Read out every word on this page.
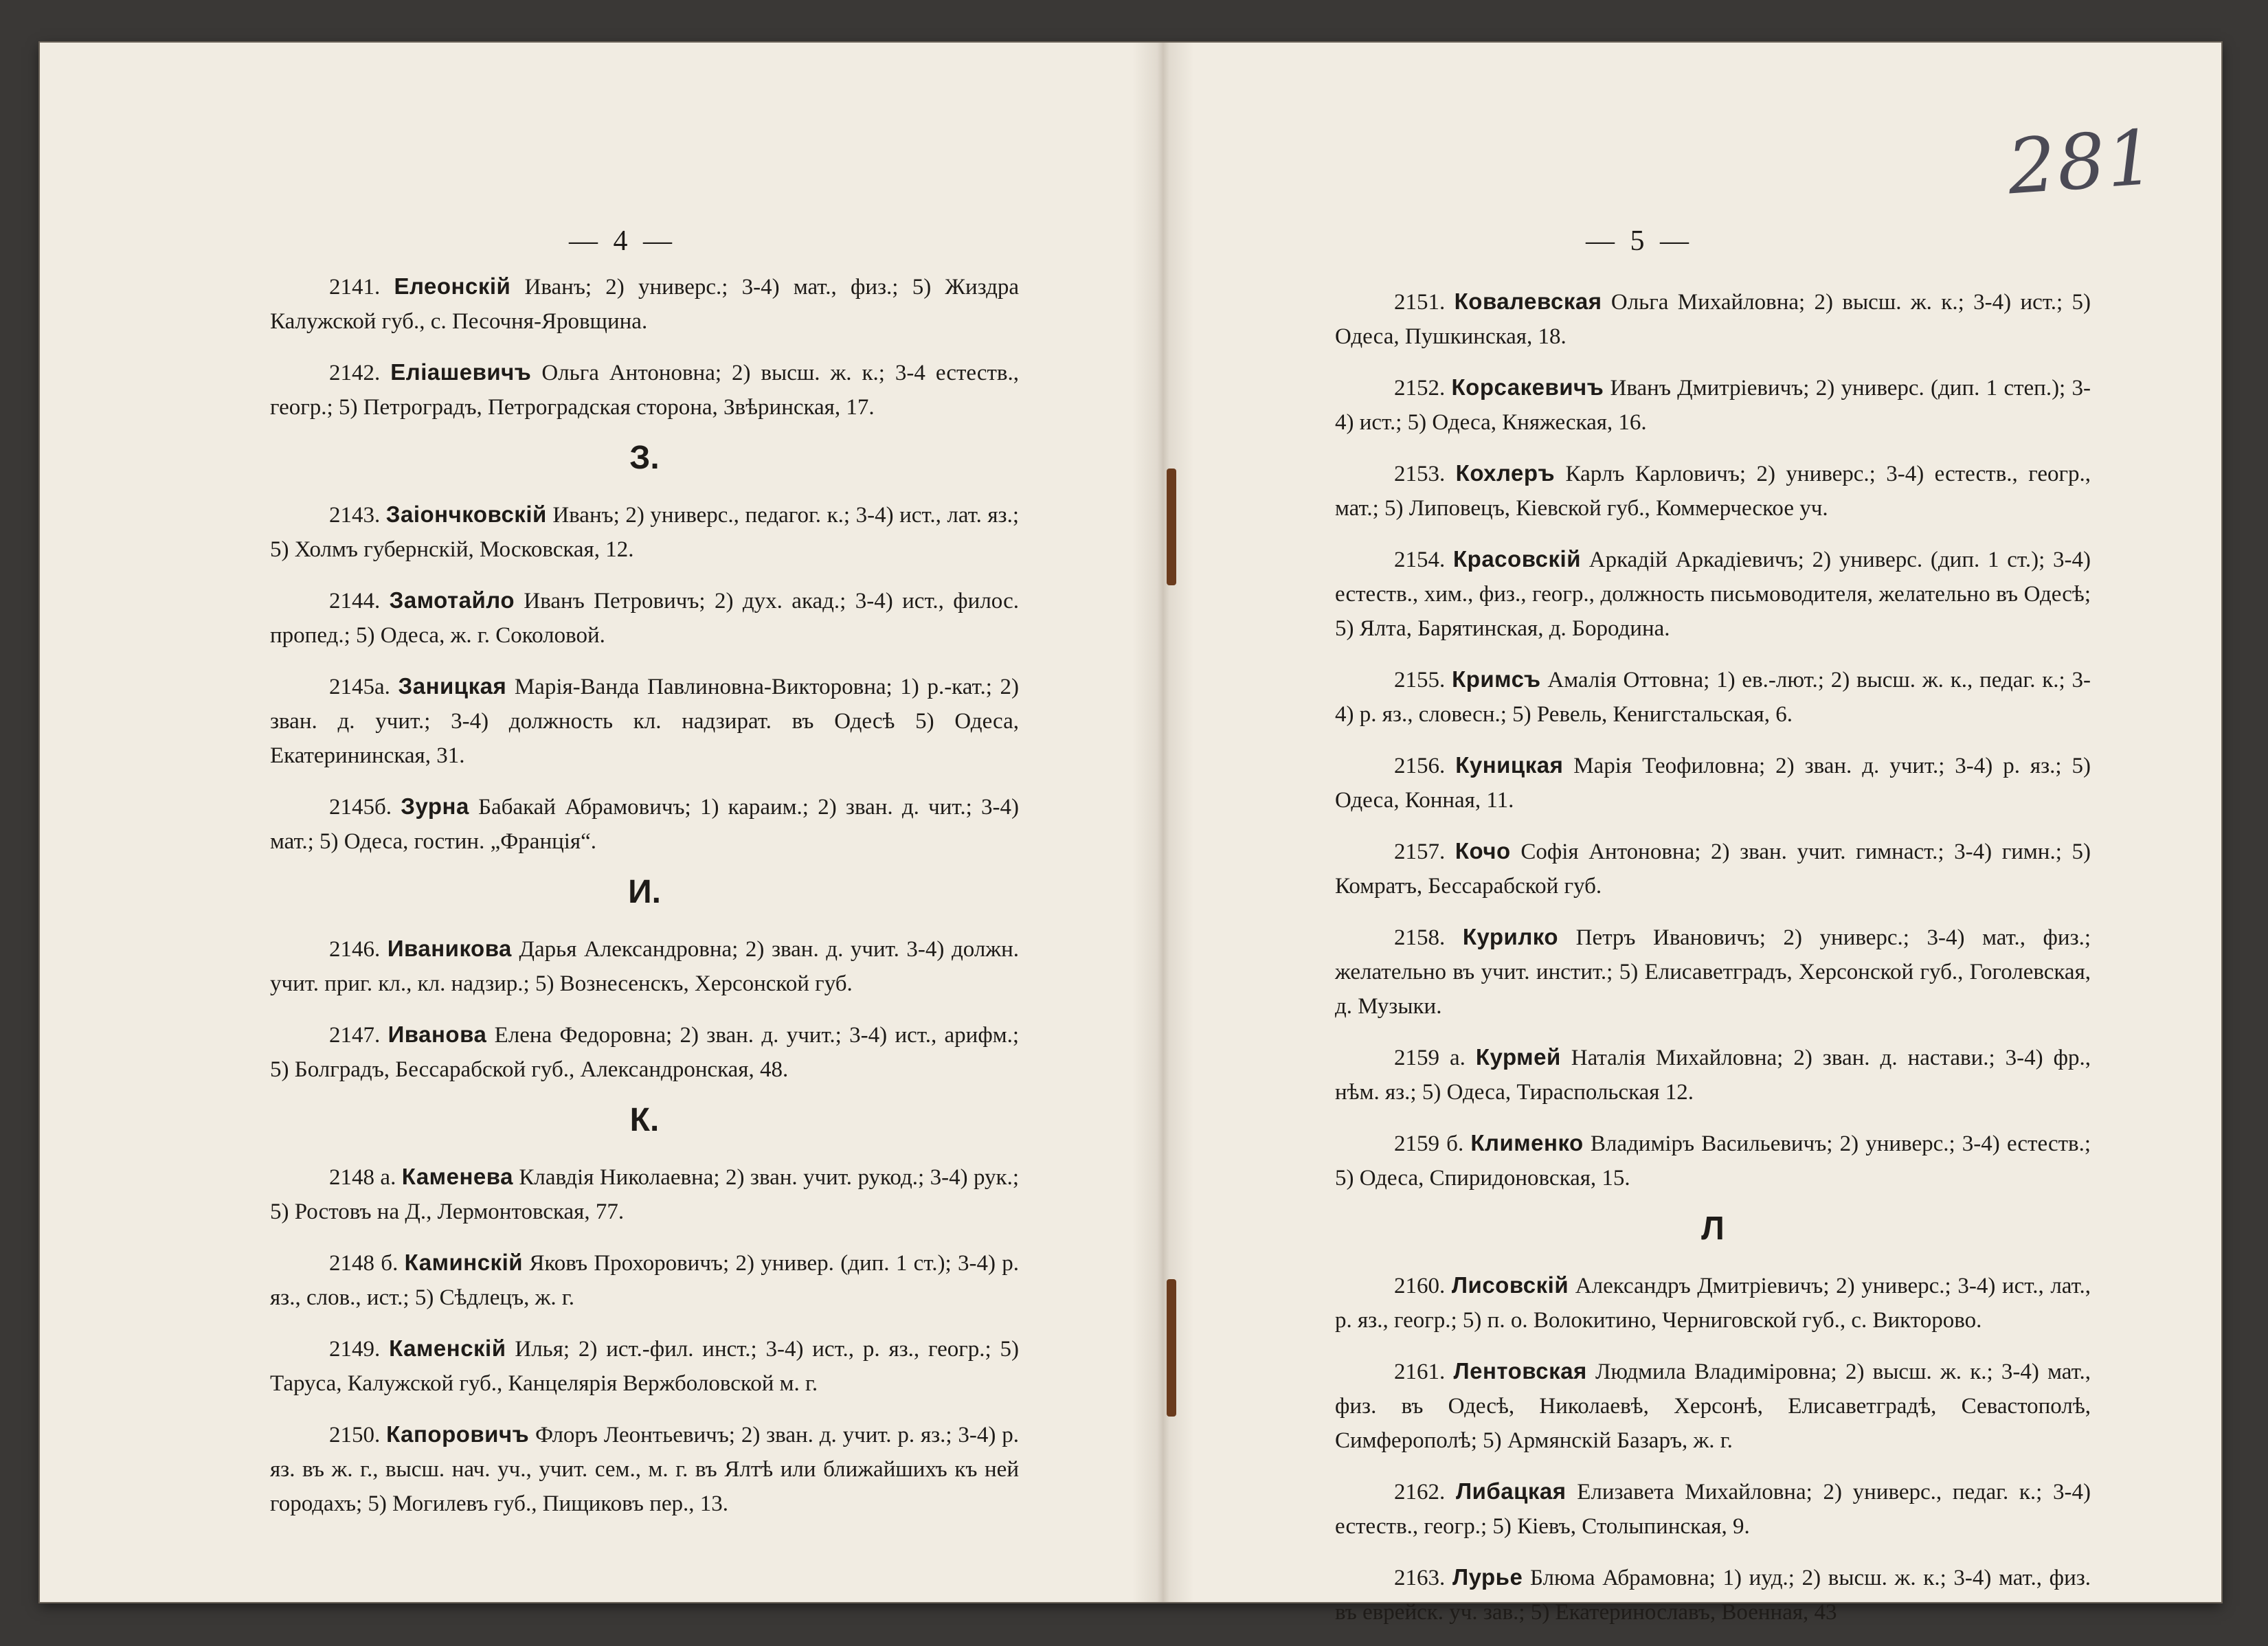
— 4 —

2141. Елеонскій Иванъ; 2) универс.; 3-4) мат., физ.; 5) Жиздра Калужской губ., с. Песочня-Яровщина.

2142. Еліашевичъ Ольга Антоновна; 2) высш. ж. к.; 3-4 естеств., геогр.; 5) Петроградъ, Петроградская сторона, Звѣринская, 17.

З.

2143. Заіончковскій Иванъ; 2) универс., педагог. к.; 3-4) ист., лат. яз.; 5) Холмъ губернскій, Московская, 12.

2144. Замотайло Иванъ Петровичъ; 2) дух. акад.; 3-4) ист., филос. пропед.; 5) Одеса, ж. г. Соколовой.

2145а. Заницкая Марія-Ванда Павлиновна-Викторовна; 1) р.-кат.; 2) зван. д. учит.; 3-4) должность кл. надзират. въ Одесѣ 5) Одеса, Екатерининская, 31.

2145б. Зурна Бабакай Абрамовичъ; 1) караим.; 2) зван. д. чит.; 3-4) мат.; 5) Одеса, гостин. „Франція“.

И.

2146. Иваникова Дарья Александровна; 2) зван. д. учит. 3-4) должн. учит. приг. кл., кл. надзир.; 5) Вознесенскъ, Херсонской губ.

2147. Иванова Елена Федоровна; 2) зван. д. учит.; 3-4) ист., арифм.; 5) Болградъ, Бессарабской губ., Александронская, 48.

К.

2148 а. Каменева Клавдія Николаевна; 2) зван. учит. рукод.; 3-4) рук.; 5) Ростовъ на Д., Лермонтовская, 77.

2148 б. Каминскій Яковъ Прохоровичъ; 2) универ. (дип. 1 ст.); 3-4) р. яз., слов., ист.; 5) Сѣдлецъ, ж. г.

2149. Каменскій Илья; 2) ист.-фил. инст.; 3-4) ист., р. яз., геогр.; 5) Таруса, Калужской губ., Канцелярія Вержболовской м. г.

2150. Капоровичъ Флоръ Леонтьевичъ; 2) зван. д. учит. р. яз.; 3-4) р. яз. въ ж. г., высш. нач. уч., учит. сем., м. г. въ Ялтѣ или ближайшихъ къ ней городахъ; 5) Могилевъ губ., Пищиковъ пер., 13.

— 5 —
281

2151. Ковалевская Ольга Михайловна; 2) высш. ж. к.; 3-4) ист.; 5) Одеса, Пушкинская, 18.

2152. Корсакевичъ Иванъ Дмитріевичъ; 2) универс. (дип. 1 степ.); 3-4) ист.; 5) Одеса, Княжеская, 16.

2153. Кохлеръ Карлъ Карловичъ; 2) универс.; 3-4) естеств., геогр., мат.; 5) Липовецъ, Кіевской губ., Коммерческое уч.

2154. Красовскій Аркадій Аркадіевичъ; 2) универс. (дип. 1 ст.); 3-4) естеств., хим., физ., геогр., должность письмоводителя, желательно въ Одесѣ; 5) Ялта, Барятинская, д. Бородина.

2155. Кримсъ Амалія Оттовна; 1) ев.-лют.; 2) высш. ж. к., педаг. к.; 3-4) р. яз., словесн.; 5) Ревель, Кенигстальская, 6.

2156. Куницкая Марія Теофиловна; 2) зван. д. учит.; 3-4) р. яз.; 5) Одеса, Конная, 11.

2157. Кочо Софія Антоновна; 2) зван. учит. гимнаст.; 3-4) гимн.; 5) Комратъ, Бессарабской губ.

2158. Курилко Петръ Ивановичъ; 2) универс.; 3-4) мат., физ.; желательно въ учит. инстит.; 5) Елисаветградъ, Херсонской губ., Гоголевская, д. Музыки.

2159 а. Курмей Наталія Михайловна; 2) зван. д. настави.; 3-4) фр., нѣм. яз.; 5) Одеса, Тираспольская 12.

2159 б. Клименко Владиміръ Васильевичъ; 2) универс.; 3-4) естеств.; 5) Одеса, Спиридоновская, 15.

Л

2160. Лисовскій Александръ Дмитріевичъ; 2) универс.; 3-4) ист., лат., р. яз., геогр.; 5) п. о. Волокитино, Черниговской губ., с. Викторово.

2161. Лентовская Людмила Владиміровна; 2) высш. ж. к.; 3-4) мат., физ. въ Одесѣ, Николаевѣ, Херсонѣ, Елисаветградѣ, Севастополѣ, Симферополѣ; 5) Армянскій Базаръ, ж. г.

2162. Либацкая Елизавета Михайловна; 2) универс., педаг. к.; 3-4) естеств., геогр.; 5) Кіевъ, Столыпинская, 9.

2163. Лурье Блюма Абрамовна; 1) иуд.; 2) высш. ж. к.; 3-4) мат., физ. въ еврейск. уч. зав.; 5) Екатеринославъ, Военная, 43
